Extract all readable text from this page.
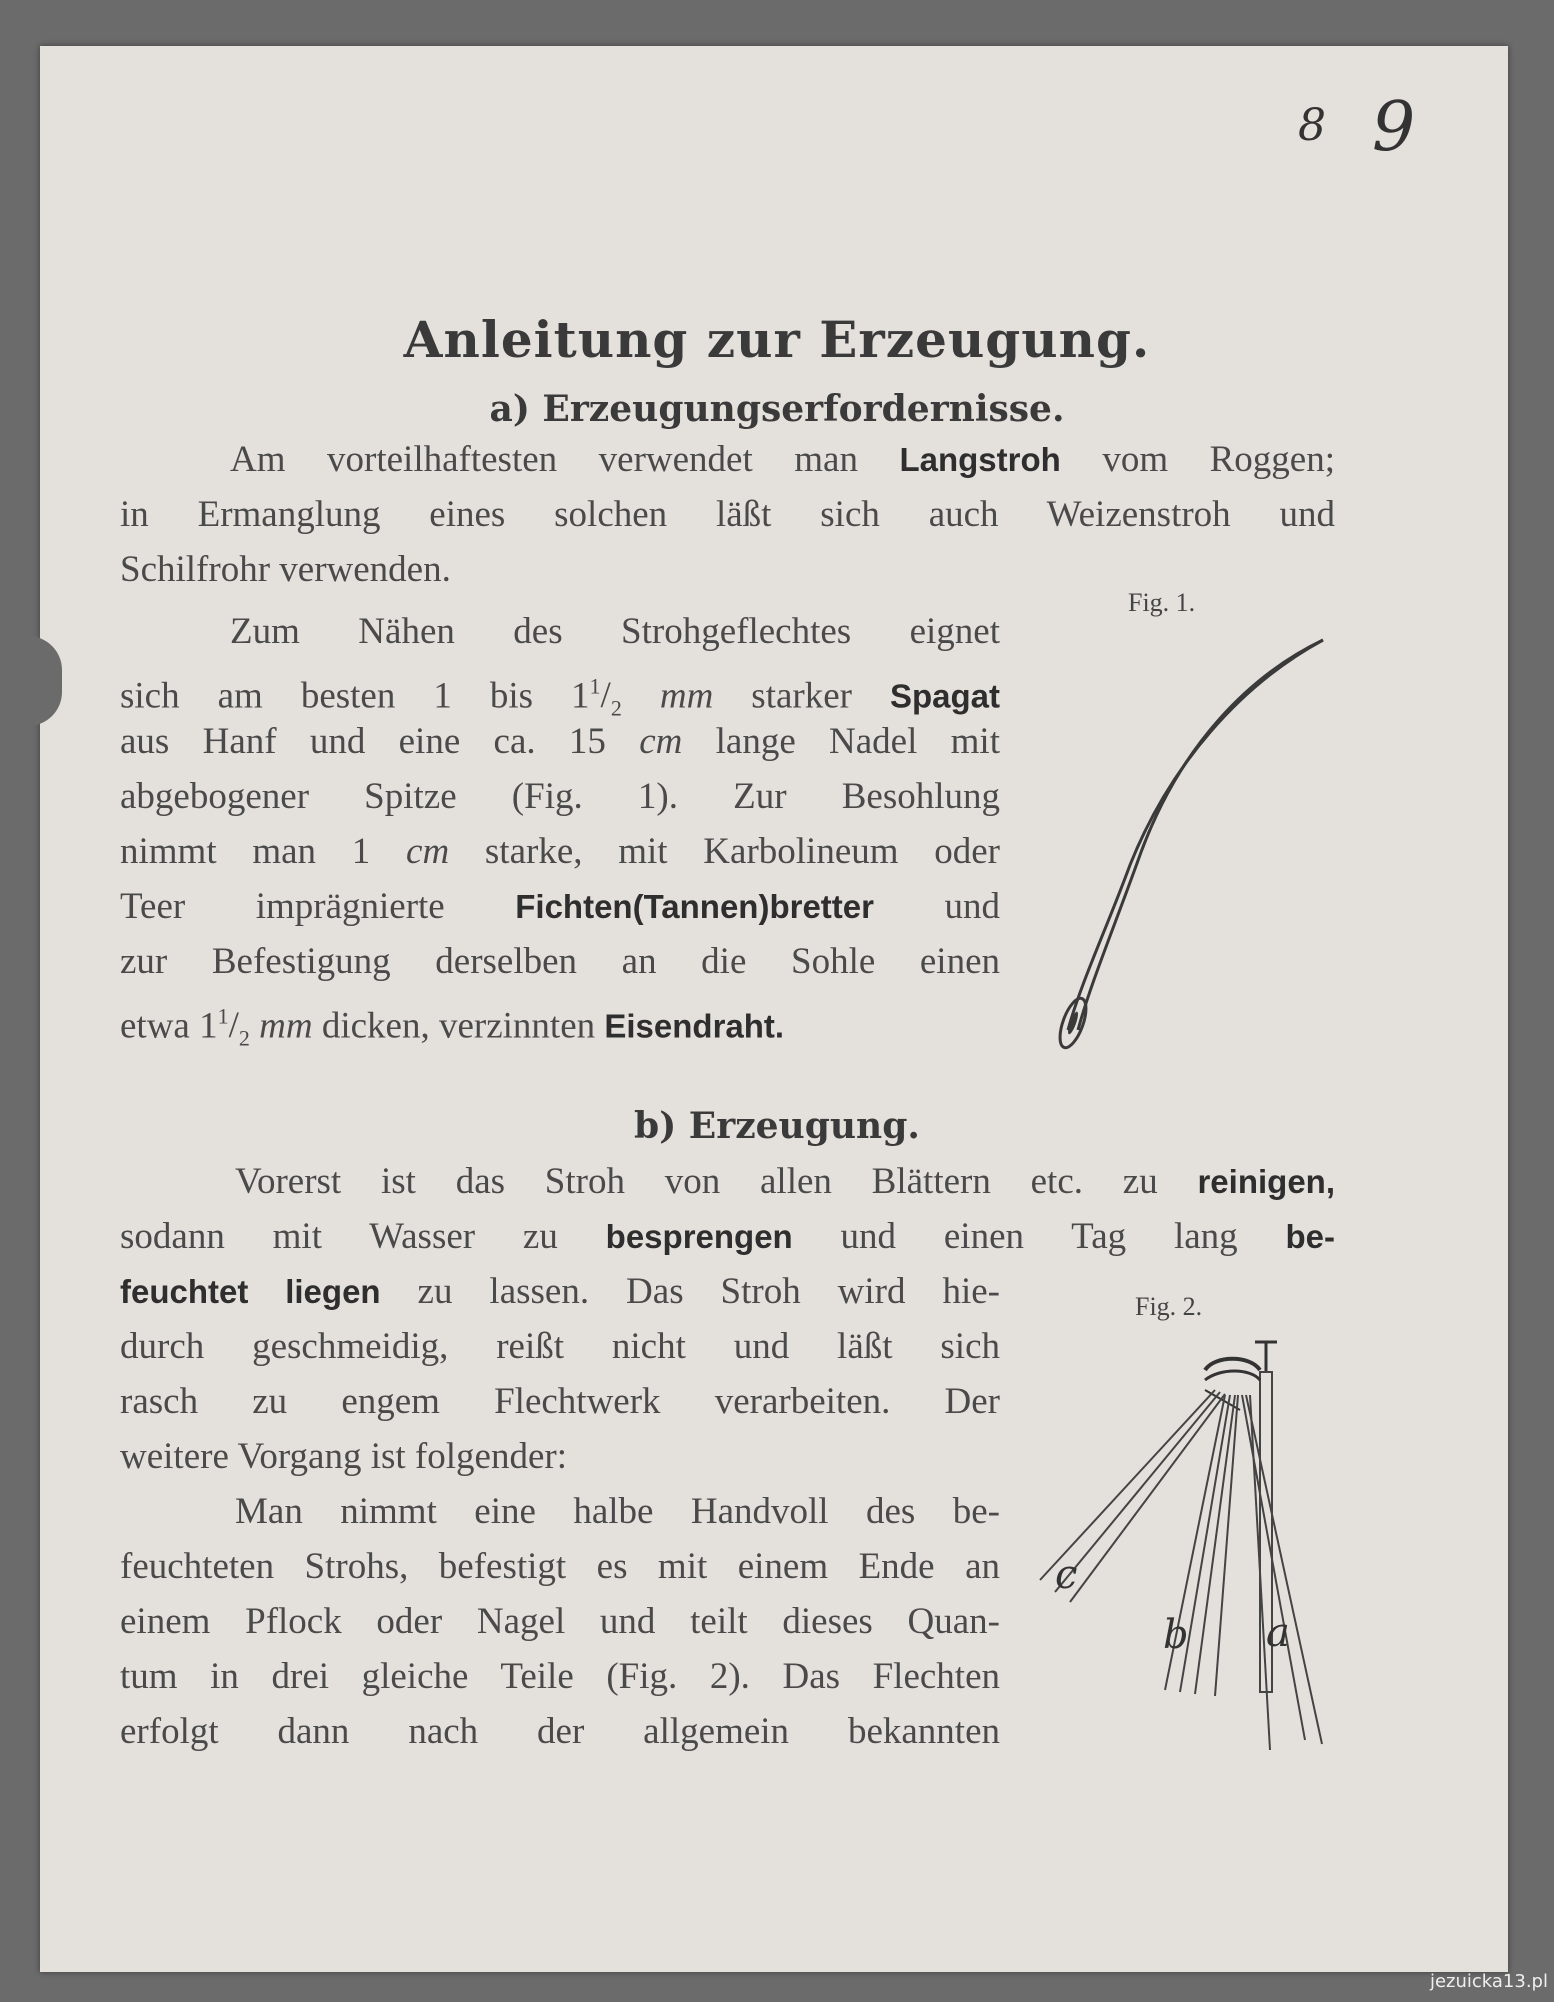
8 9
Anleitung zur Erzeugung.
a) Erzeugungserfordernisse.
b) Erzeugung.
Am vorteilhaftesten verwendet man Langstroh vom Roggen;
in Ermanglung eines solchen läßt sich auch Weizenstroh und
Schilfrohr verwenden.
Zum Nähen des Strohgeflechtes eignet
sich am besten 1 bis $1^1/_2$ mm starker Spagat
aus Hanf und eine ca. 15 cm lange Nadel mit
abgebogener Spitze (Fig. 1). Zur Besohlung
nimmt man 1 cm starke, mit Karbolineum oder
Teer imprägnierte Fichten(Tannen)bretter und
zur Befestigung derselben an die Sohle einen
etwa $1^1/_2$ mm dicken, verzinnten Eisendraht.
Vorerst ist das Stroh von allen Blättern etc. zu reinigen,
sodann mit Wasser zu besprengen und einen Tag lang be-
feuchtet liegen zu lassen. Das Stroh wird hie-
durch geschmeidig, reißt nicht und läßt sich
rasch zu engem Flechtwerk verarbeiten. Der
weitere Vorgang ist folgender:
Man nimmt eine halbe Handvoll des be-
feuchteten Strohs, befestigt es mit einem Ende an
einem Pflock oder Nagel und teilt dieses Quan-
tum in drei gleiche Teile (Fig. 2). Das Flechten
erfolgt dann nach der allgemein bekannten
Fig. 1.
Fig. 2.
c
b a
jezuicka13.pl
